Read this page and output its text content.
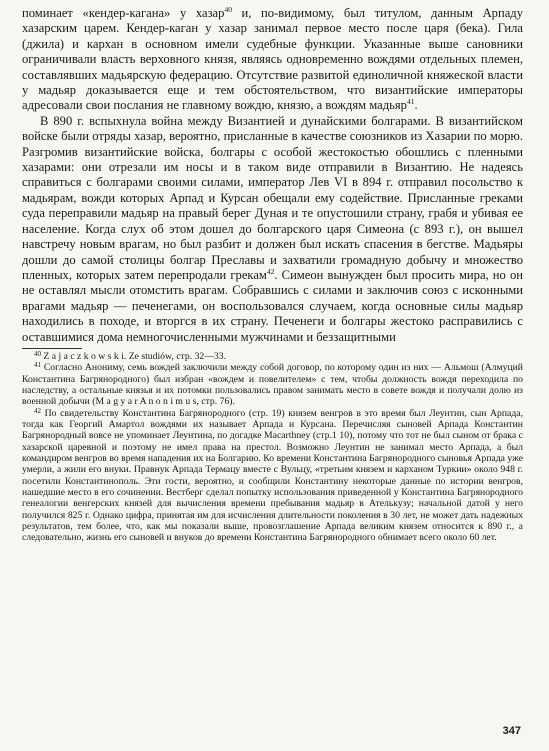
поминает «кендер-кагана» у хазар$^{40}$ и, по-видимому, был титулом, данным Арпаду хазарским царем. Кендер-каган у хазар занимал первое место после царя (бека). Гила (джила) и кархан в основном имели судебные функции. Указанные выше сановники ограничивали власть верховного князя, являясь одновременно вождями отдельных племен, составлявших мадьярскую федерацию. Отсутствие развитой единоличной княжеской власти у мадьяр доказывается еще и тем обстоятельством, что византийские императоры адресовали свои послания не главному вождю, князю, а вождям мадьяр$^{41}$.

В 890 г. вспыхнула война между Византией и дунайскими болгарами. В византийском войске были отряды хазар, вероятно, присланные в качестве союзников из Хазарии по морю. Разгромив византийские войска, болгары с особой жестокостью обошлись с пленными хазарами: они отрезали им носы и в таком виде отправили в Византию. Не надеясь справиться с болгарами своими силами, император Лев VI в 894 г. отправил посольство к мадьярам, вожди которых Арпад и Курсан обещали ему содействие. Присланные греками суда переправили мадьяр на правый берег Дуная и те опустошили страну, грабя и убивая ее население. Когда слух об этом дошел до болгарского царя Симеона (с 893 г.), он вышел навстречу новым врагам, но был разбит и должен был искать спасения в бегстве. Мадьяры дошли до самой столицы болгар Преславы и захватили громадную добычу и множество пленных, которых затем перепродали грекам$^{42}$. Симеон вынужден был просить мира, но он не оставлял мысли отомстить врагам. Собравшись с силами и заключив союз с исконными врагами мадьяр — печенегами, он воспользовался случаем, когда основные силы мадьяр находились в походе, и вторгся в их страну. Печенеги и болгары жестоко расправились с оставшимися дома немногочисленными мужчинами и беззащитными

$^{40}$ Z a j a c z k o w s k i. Ze studiów, стр. 32—33.

$^{41}$ Согласно Анониму, семь вождей заключили между собой договор, по которому один из них — Альмош (Алмуций Константина Багрянородного) был избран «вождем и повелителем» с тем, чтобы должность вождя переходила по наследству, а остальные князья и их потомки пользовались правом занимать место в совете вождя и получали долю из военной добычи (M a g y a r A n o n i m u s, стр. 76).

$^{42}$ По свидетельству Константина Багрянородного (стр. 19) князем венгров в это время был Леунтин, сын Арпада, тогда как Георгий Амартол вождями их называет Арпада и Курсана. Перечисляя сыновей Арпада Константин Багрянородный вовсе не упоминает Леунтина, по догадке Macarthney (стр.1 10), потому что тот не был сыном от брака с хазарской царевной и поэтому не имел права на престол. Возможно Леунтин не занимал место Арпада, а был командиром венгров во время нападения их на Болгарию. Ко времени Константина Багрянородного сыновья Арпада уже умерли, а жили его внуки. Правнук Арпада Термацу вместе с Вульцу, «третьим князем и карханом Туркии» около 948 г. посетили Константинополь. Эти гости, вероятно, и сообщили Константину некоторые данные по истории венгров, нашедшие место в его сочинении. Вестберг сделал попытку использования приведенной у Константина Багрянородного генеалогии венгерских князей для вычисления времени пребывания мадьяр в Ателькузу; начальной датой у него получился 825 г. Однако цифра, принятая им для исчисления длительности поколения в 30 лет, не может дать надежных результатов, тем более, что, как мы показали выше, провозглашение Арпада великим князем относится к 890 г., а следовательно, жизнь его сыновей и внуков до времени Константина Багрянородного обнимает всего около 60 лет.

347
